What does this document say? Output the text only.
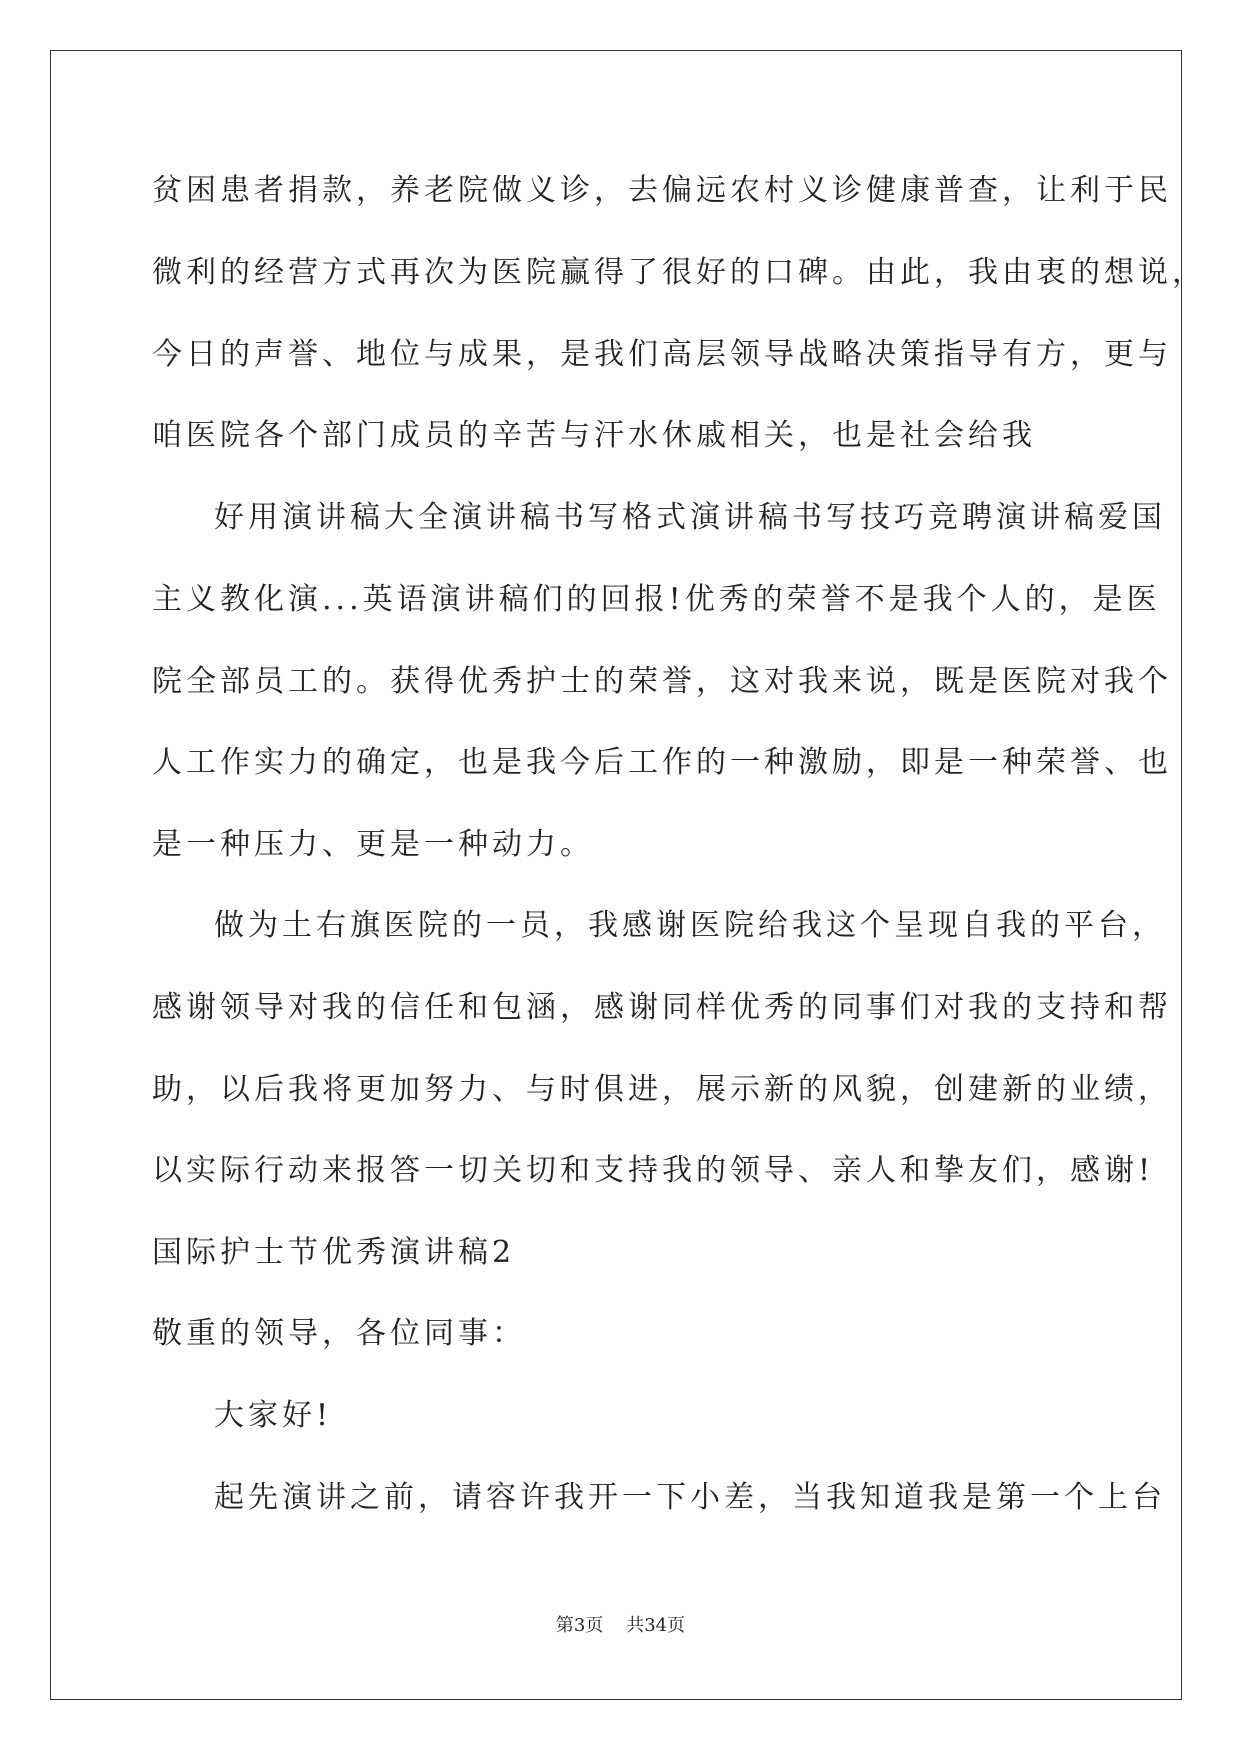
贫困患者捐款，养老院做义诊，去偏远农村义诊健康普查，让利于民
微利的经营方式再次为医院赢得了很好的口碑。由此，我由衷的想说，
今日的声誉、地位与成果，是我们高层领导战略决策指导有方，更与
咱医院各个部门成员的辛苦与汗水休戚相关，也是社会给我
好用演讲稿大全演讲稿书写格式演讲稿书写技巧竞聘演讲稿爱国
主义教化演...英语演讲稿们的回报!优秀的荣誉不是我个人的，是医
院全部员工的。获得优秀护士的荣誉，这对我来说，既是医院对我个
人工作实力的确定，也是我今后工作的一种激励，即是一种荣誉、也
是一种压力、更是一种动力。
做为土右旗医院的一员，我感谢医院给我这个呈现自我的平台，
感谢领导对我的信任和包涵，感谢同样优秀的同事们对我的支持和帮
助，以后我将更加努力、与时俱进，展示新的风貌，创建新的业绩，
以实际行动来报答一切关切和支持我的领导、亲人和挚友们，感谢!
国际护士节优秀演讲稿2
敬重的领导，各位同事：
大家好!
起先演讲之前，请容许我开一下小差，当我知道我是第一个上台
第3页 共34页
